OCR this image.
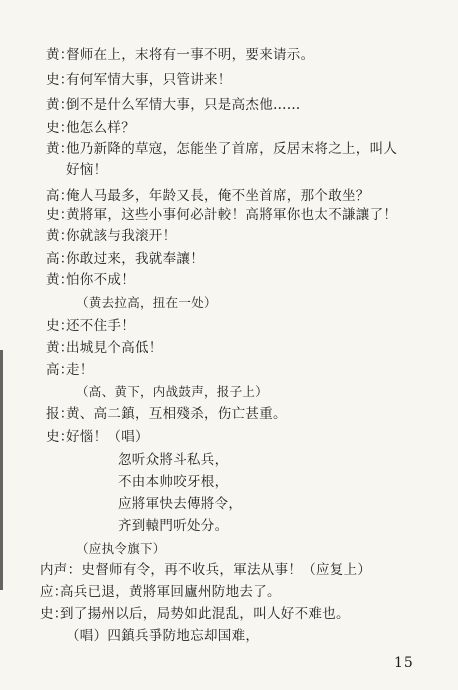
黄：督师在上，末将有一事不明，要来请示。
史：有何军情大事，只管讲来！
黄：倒不是什么军情大事，只是高杰他……
史：他怎么样？
黄：他乃新降的草寇，怎能坐了首席，反居末将之上，叫人
好恼！
高：俺人马最多，年龄又長，俺不坐首席，那个敢坐？
史：黄將軍，这些小事何必計較！高將軍你也太不謙讓了！
黄：你就該与我滚开！
高：你敢过来，我就奉讓！
黄：怕你不成！
（黄去拉高，扭在一处）
史：还不住手！
黄：出城見个高低！
高：走！
（高、黄下，内战鼓声，报子上）
报：黄、高二鎮，互相殘杀，伤亡甚重。
史：好惱！（唱）
忽听众將斗私兵，
不由本帅咬牙根，
应將軍快去傳將令，
齐到轅門听处分。
（应执令旗下）
内声：史督师有令，再不收兵，軍法从事！（应复上）
应：高兵已退，黄將軍回廬州防地去了。
史：到了揚州以后，局势如此混乱，叫人好不难也。
（唱）四鎮兵爭防地忘却国难，
15
